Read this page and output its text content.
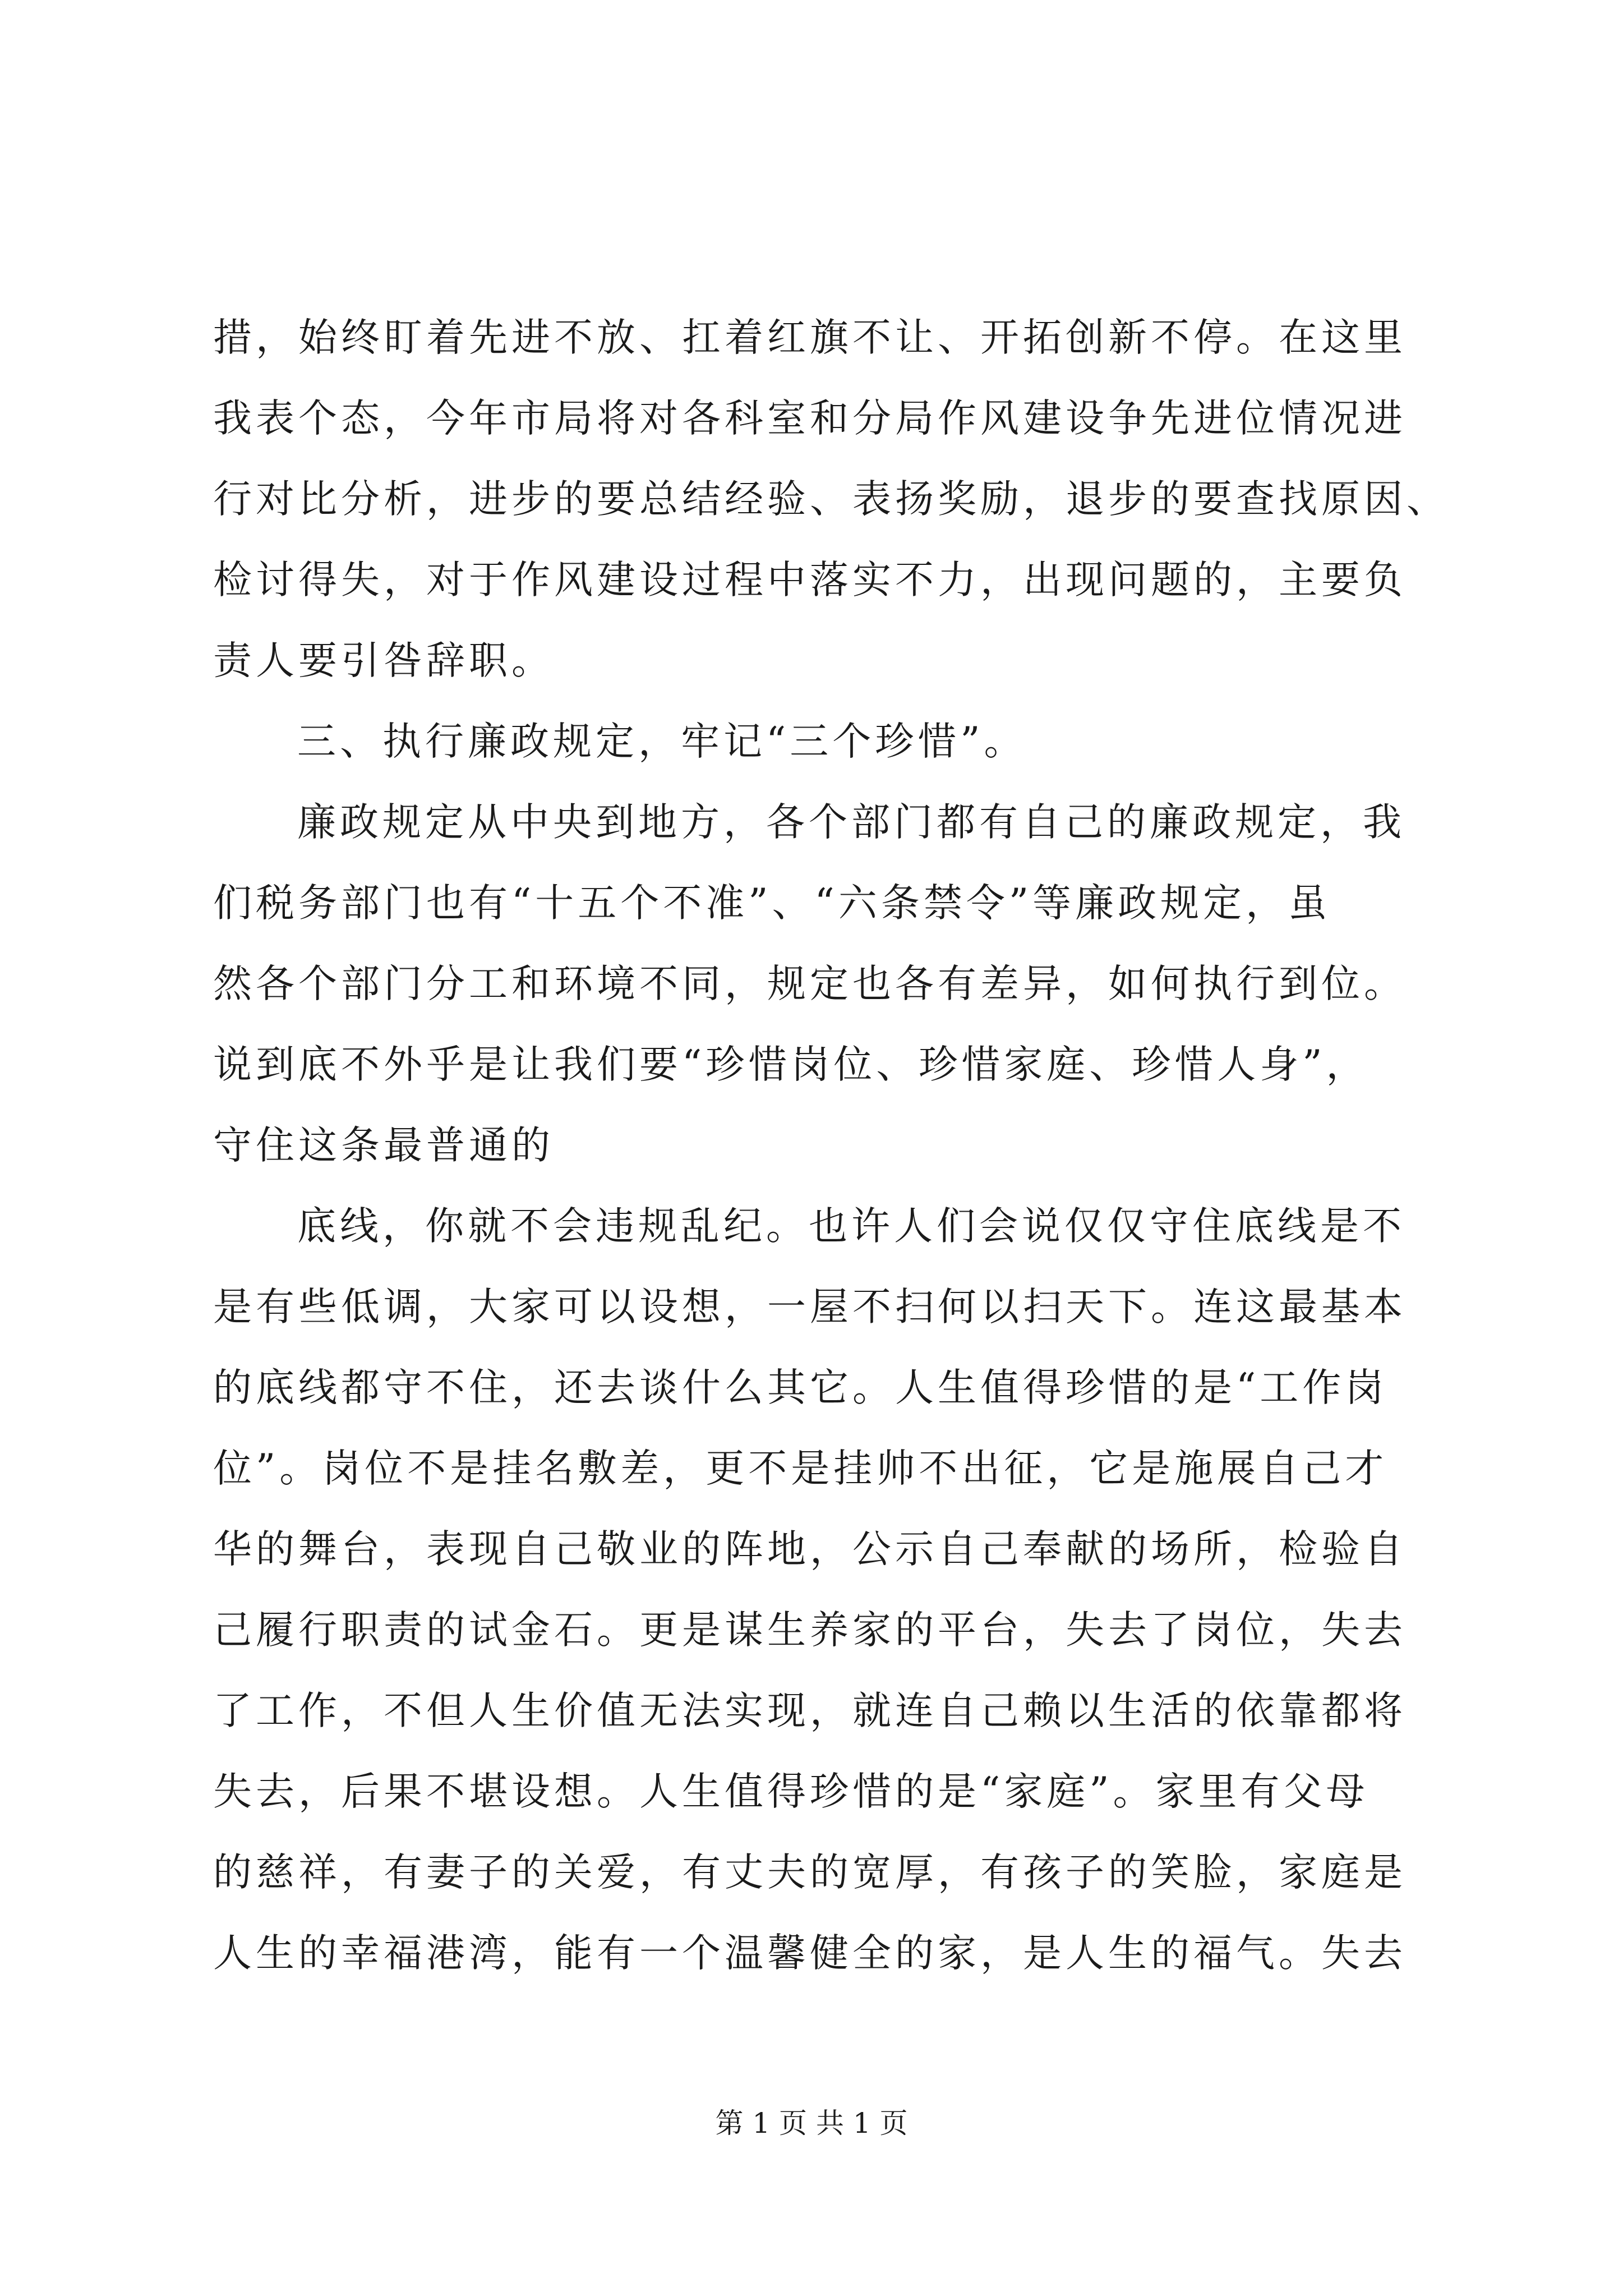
措，始终盯着先进不放、扛着红旗不让、开拓创新不停。在这里
我表个态，今年市局将对各科室和分局作风建设争先进位情况进
行对比分析，进步的要总结经验、表扬奖励，退步的要查找原因、
检讨得失，对于作风建设过程中落实不力，出现问题的，主要负
责人要引咎辞职。
三、执行廉政规定，牢记“三个珍惜”。
廉政规定从中央到地方，各个部门都有自己的廉政规定，我
们税务部门也有“十五个不准”、“六条禁令”等廉政规定，虽
然各个部门分工和环境不同，规定也各有差异，如何执行到位。
说到底不外乎是让我们要“珍惜岗位、珍惜家庭、珍惜人身”，
守住这条最普通的
底线，你就不会违规乱纪。也许人们会说仅仅守住底线是不
是有些低调，大家可以设想，一屋不扫何以扫天下。连这最基本
的底线都守不住，还去谈什么其它。人生值得珍惜的是“工作岗
位”。岗位不是挂名敷差，更不是挂帅不出征，它是施展自己才
华的舞台，表现自己敬业的阵地，公示自己奉献的场所，检验自
己履行职责的试金石。更是谋生养家的平台，失去了岗位，失去
了工作，不但人生价值无法实现，就连自己赖以生活的依靠都将
失去，后果不堪设想。人生值得珍惜的是“家庭”。家里有父母
的慈祥，有妻子的关爱，有丈夫的宽厚，有孩子的笑脸，家庭是
人生的幸福港湾，能有一个温馨健全的家，是人生的福气。失去
第 1 页 共 1 页
